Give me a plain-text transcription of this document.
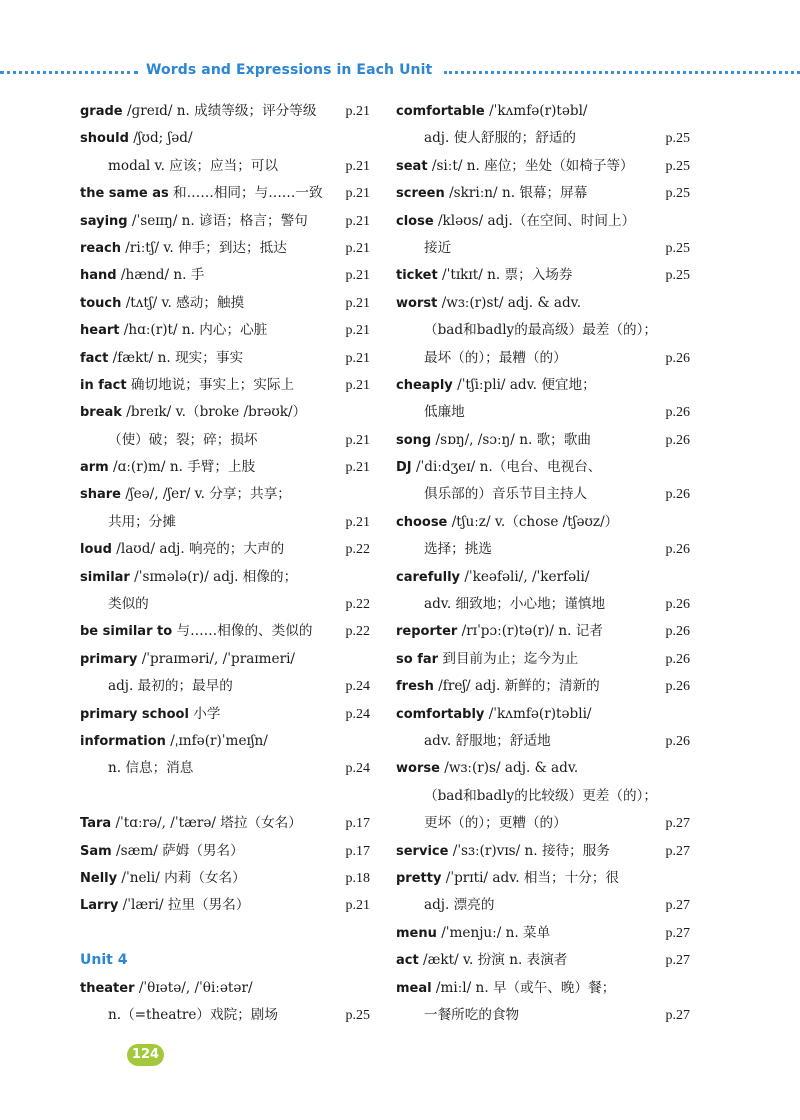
Words and Expressions in Each Unit
grade /ɡreɪd/ n. 成绩等级；评分等级 p.21
should /ʃʊd; ʃəd/
modal v. 应该；应当；可以	p.21
the same as 和……相同；与……一致 p.21
saying /ˈseɪɪŋ/ n. 谚语；格言；警句	p.21
reach /riːtʃ/ v. 伸手；到达；抵达	p.21
hand /hænd/ n. 手	p.21
touch /tʌtʃ/ v. 感动；触摸	p.21
heart /hɑː(r)t/ n. 内心；心脏	p.21
fact /fækt/ n. 现实；事实	p.21
in fact 确切地说；事实上；实际上	p.21
break /breɪk/ v.（broke /brəʊk/）
（使）破；裂；碎；损坏	p.21
arm /ɑː(r)m/ n. 手臂；上肢	p.21
share /ʃeə/, /ʃer/ v. 分享；共享；
共用；分摊	p.21
loud /laʊd/ adj. 响亮的；大声的	p.22
similar /ˈsɪmələ(r)/ adj. 相像的；
类似的	p.22
be similar to 与……相像的、类似的 p.22
primary /ˈpraɪməri/, /ˈpraɪmeri/
adj. 最初的；最早的	p.24
primary school 小学	p.24
information /ˌɪnfə(r)ˈmeɪʃn/
n. 信息；消息	p.24
Tara /ˈtɑːrə/, /ˈtærə/ 塔拉（女名）	p.17
Sam /sæm/ 萨姆（男名）	p.17
Nelly /ˈneli/ 内莉（女名）	p.18
Larry /ˈlæri/ 拉里（男名）	p.21
Unit 4
theater /ˈθɪətə/, /ˈθiːətər/
n.（=theatre）戏院；剧场	p.25
comfortable /ˈkʌmfə(r)təbl/
adj. 使人舒服的；舒适的	p.25
seat /siːt/ n. 座位；坐处（如椅子等） p.25
screen /skriːn/ n. 银幕；屏幕	p.25
close /kləʊs/ adj.（在空间、时间上）
接近	p.25
ticket /ˈtɪkɪt/ n. 票；入场券	p.25
worst /wɜː(r)st/ adj. & adv.
（bad和badly的最高级）最差（的）；
最坏（的）；最糟（的）	p.26
cheaply /ˈtʃiːpli/ adv. 便宜地；
低廉地	p.26
song /sɒŋ/, /sɔːŋ/ n. 歌；歌曲	p.26
DJ /ˈdiːdʒeɪ/ n.（电台、电视台、
俱乐部的）音乐节目主持人	p.26
choose /tʃuːz/ v.（chose /tʃəʊz/）
选择；挑选	p.26
carefully /ˈkeəfəli/, /ˈkerfəli/
adv. 细致地；小心地；谨慎地	p.26
reporter /rɪˈpɔː(r)tə(r)/ n. 记者	p.26
so far 到目前为止；迄今为止	p.26
fresh /freʃ/ adj. 新鲜的；清新的	p.26
comfortably /ˈkʌmfə(r)təbli/
adv. 舒服地；舒适地	p.26
worse /wɜː(r)s/ adj. & adv.
（bad和badly的比较级）更差（的）；
更坏（的）；更糟（的）	p.27
service /ˈsɜː(r)vɪs/ n. 接待；服务	p.27
pretty /ˈprɪti/ adv. 相当；十分；很
adj. 漂亮的	p.27
menu /ˈmenjuː/ n. 菜单	p.27
act /ækt/ v. 扮演 n. 表演者	p.27
meal /miːl/ n. 早（或午、晚）餐；
一餐所吃的食物	p.27
124
